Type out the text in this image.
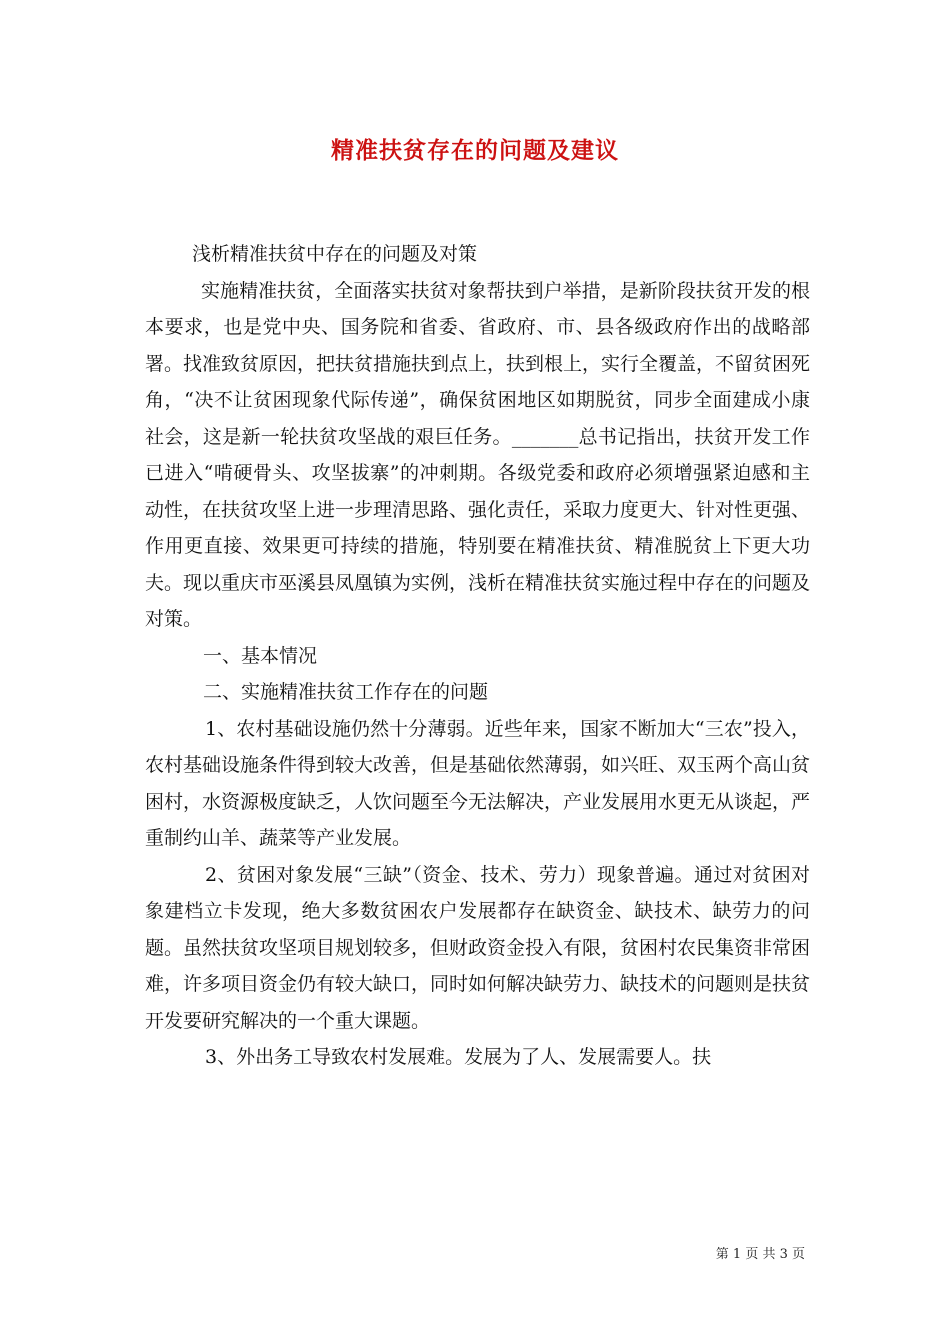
精准扶贫存在的问题及建议

浅析精准扶贫中存在的问题及对策

实施精准扶贫，全面落实扶贫对象帮扶到户举措，是新阶段扶贫开发的根本要求，也是党中央、国务院和省委、省政府、市、县各级政府作出的战略部署。找准致贫原因，把扶贫措施扶到点上，扶到根上，实行全覆盖，不留贫困死角，“决不让贫困现象代际传递”，确保贫困地区如期脱贫，同步全面建成小康社会，这是新一轮扶贫攻坚战的艰巨任务。_______总书记指出，扶贫开发工作已进入“啃硬骨头、攻坚拔寨”的冲刺期。各级党委和政府必须增强紧迫感和主动性，在扶贫攻坚上进一步理清思路、强化责任，采取力度更大、针对性更强、作用更直接、效果更可持续的措施，特别要在精准扶贫、精准脱贫上下更大功夫。现以重庆市巫溪县凤凰镇为实例，浅析在精准扶贫实施过程中存在的问题及对策。

一、基本情况

二、实施精准扶贫工作存在的问题

1、农村基础设施仍然十分薄弱。近些年来，国家不断加大“三农”投入，农村基础设施条件得到较大改善，但是基础依然薄弱，如兴旺、双玉两个高山贫困村，水资源极度缺乏，人饮问题至今无法解决，产业发展用水更无从谈起，严重制约山羊、蔬菜等产业发展。

2、贫困对象发展“三缺”（资金、技术、劳力）现象普遍。通过对贫困对象建档立卡发现，绝大多数贫困农户发展都存在缺资金、缺技术、缺劳力的问题。虽然扶贫攻坚项目规划较多，但财政资金投入有限，贫困村农民集资非常困难，许多项目资金仍有较大缺口，同时如何解决缺劳力、缺技术的问题则是扶贫开发要研究解决的一个重大课题。

3、外出务工导致农村发展难。发展为了人、发展需要人。扶

第 1 页 共 3 页
